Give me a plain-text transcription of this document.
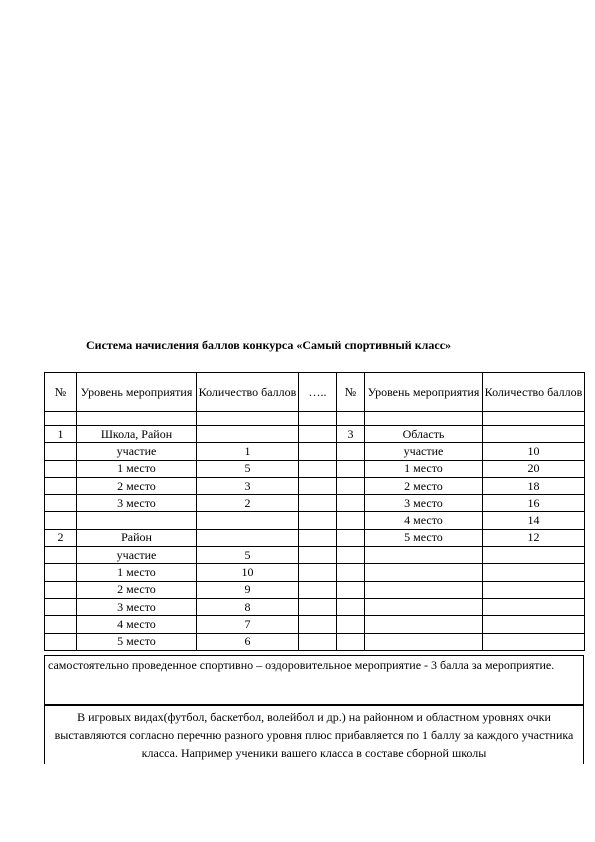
Система начисления баллов конкурса «Самый спортивный класс»
№	Уровень мероприятия	Количество баллов	…..	№	Уровень мероприятия	Количество баллов

1	Школа, Район			3	Область	
	участие	1			участие	10
	1 место	5			1 место	20
	2 место	3			2 место	18
	3 место	2			3 место	16
					4 место	14
2	Район				5 место	12
	участие	5				
	1 место	10				
	2 место	9				
	3 место	8				
	4 место	7				
	5 место	6				
самостоятельно проведенное спортивно – оздоровительное мероприятие - 3 балла за мероприятие.
В игровых видах(футбол, баскетбол, волейбол и др.) на районном и областном уровнях очки выставляются согласно перечню разного уровня плюс прибавляется по 1 баллу за каждого участника класса. Например ученики вашего класса в составе сборной школы
